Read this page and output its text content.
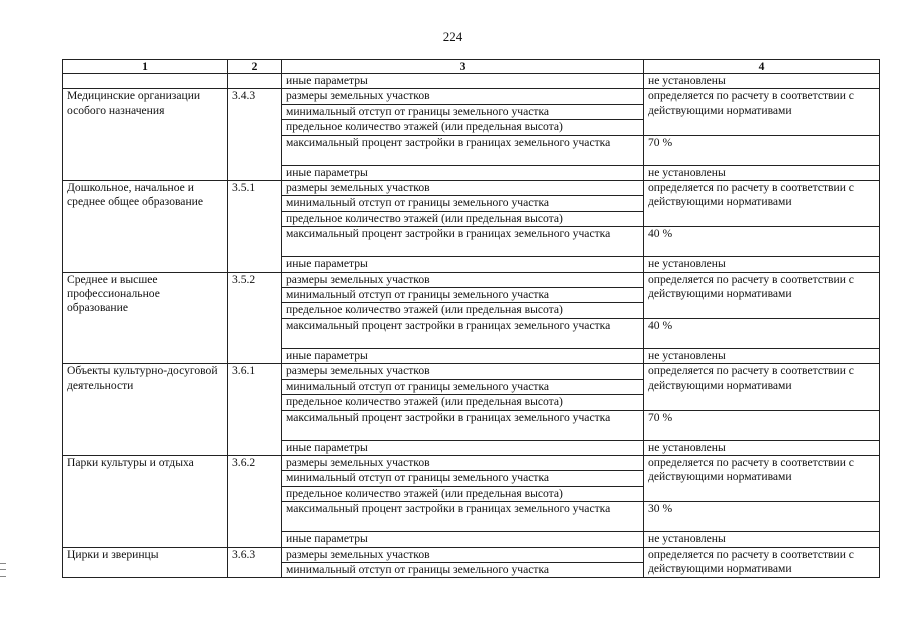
224
1	2	3	4
		иные параметры	не установлены
Медицинские организации особого назначения	3.4.3	размеры земельных участков	определяется по расчету в соответствии с действующими нормативами
		минимальный отступ от границы земельного участка	
		предельное количество этажей (или предельная высота)	
		максимальный процент застройки в границах земельного участка	70 %
		иные параметры	не установлены
Дошкольное, начальное и среднее общее образование	3.5.1	размеры земельных участков	определяется по расчету в соответствии с действующими нормативами
		минимальный отступ от границы земельного участка	
		предельное количество этажей (или предельная высота)	
		максимальный процент застройки в границах земельного участка	40 %
		иные параметры	не установлены
Среднее и высшее профессиональное образование	3.5.2	размеры земельных участков	определяется по расчету в соответствии с действующими нормативами
		минимальный отступ от границы земельного участка	
		предельное количество этажей (или предельная высота)	
		максимальный процент застройки в границах земельного участка	40 %
		иные параметры	не установлены
Объекты культурно-досуговой деятельности	3.6.1	размеры земельных участков	определяется по расчету в соответствии с действующими нормативами
		минимальный отступ от границы земельного участка	
		предельное количество этажей (или предельная высота)	
		максимальный процент застройки в границах земельного участка	70 %
		иные параметры	не установлены
Парки культуры и отдыха	3.6.2	размеры земельных участков	определяется по расчету в соответствии с действующими нормативами
		минимальный отступ от границы земельного участка	
		предельное количество этажей (или предельная высота)	
		максимальный процент застройки в границах земельного участка	30 %
		иные параметры	не установлены
Цирки и зверинцы	3.6.3	размеры земельных участков	определяется по расчету в соответствии с действующими нормативами
		минимальный отступ от границы земельного участка	
